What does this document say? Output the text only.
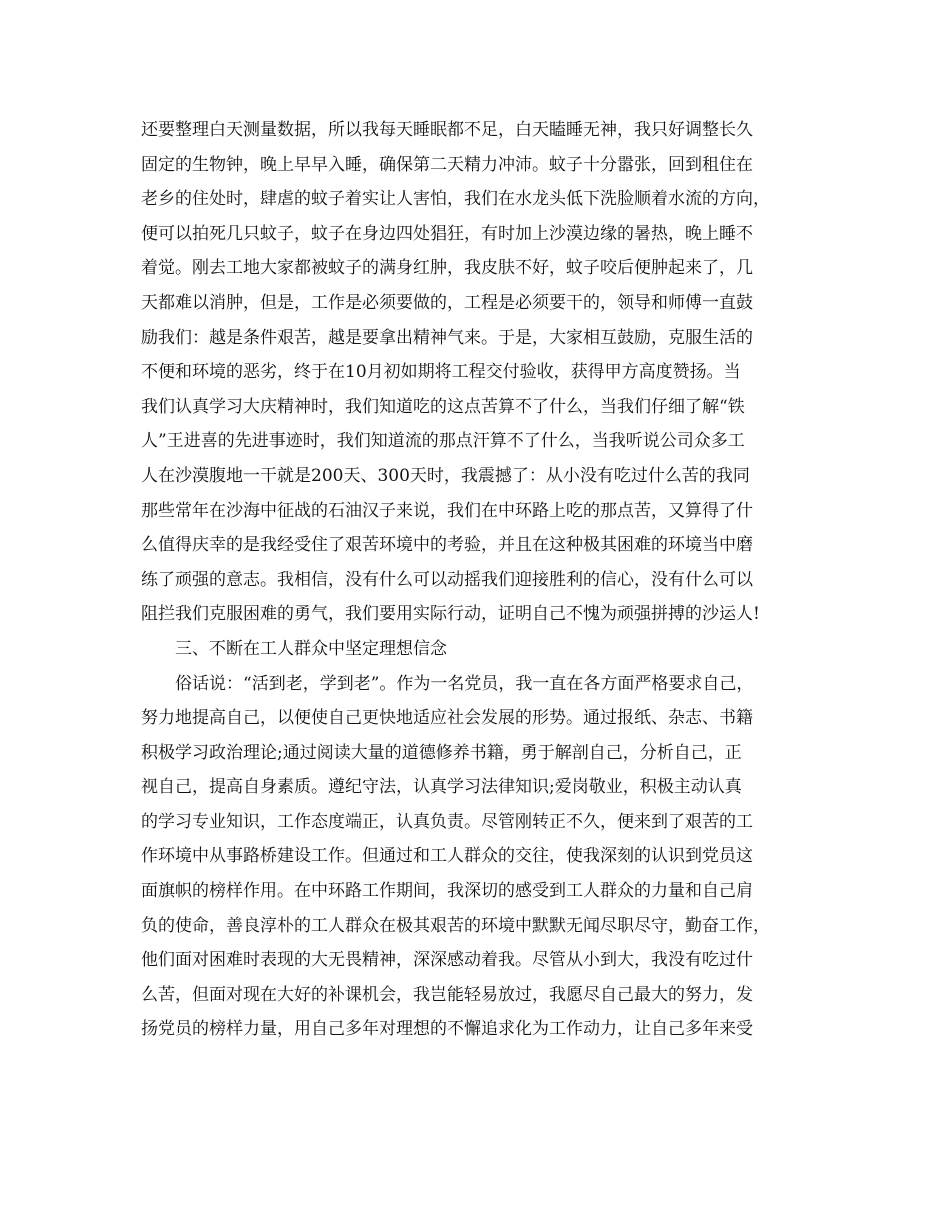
还要整理白天测量数据，所以我每天睡眠都不足，白天瞌睡无神，我只好调整长久
固定的生物钟，晚上早早入睡，确保第二天精力冲沛。蚊子十分嚣张，回到租住在
老乡的住处时，肆虐的蚊子着实让人害怕，我们在水龙头低下洗脸顺着水流的方向，
便可以拍死几只蚊子，蚊子在身边四处猖狂，有时加上沙漠边缘的暑热，晚上睡不
着觉。刚去工地大家都被蚊子的满身红肿，我皮肤不好，蚊子咬后便肿起来了，几
天都难以消肿，但是，工作是必须要做的，工程是必须要干的，领导和师傅一直鼓
励我们：越是条件艰苦，越是要拿出精神气来。于是，大家相互鼓励，克服生活的
不便和环境的恶劣，终于在10月初如期将工程交付验收，获得甲方高度赞扬。当
我们认真学习大庆精神时，我们知道吃的这点苦算不了什么，当我们仔细了解“铁
人”王进喜的先进事迹时，我们知道流的那点汗算不了什么，当我听说公司众多工
人在沙漠腹地一干就是200天、300天时，我震撼了：从小没有吃过什么苦的我同
那些常年在沙海中征战的石油汉子来说，我们在中环路上吃的那点苦，又算得了什
么值得庆幸的是我经受住了艰苦环境中的考验，并且在这种极其困难的环境当中磨
练了顽强的意志。我相信，没有什么可以动摇我们迎接胜利的信心，没有什么可以
阻拦我们克服困难的勇气，我们要用实际行动，证明自己不愧为顽强拼搏的沙运人!
三、不断在工人群众中坚定理想信念
俗话说：“活到老，学到老”。作为一名党员，我一直在各方面严格要求自己，
努力地提高自己，以便使自己更快地适应社会发展的形势。通过报纸、杂志、书籍
积极学习政治理论;通过阅读大量的道德修养书籍，勇于解剖自己，分析自己，正
视自己，提高自身素质。遵纪守法，认真学习法律知识;爱岗敬业，积极主动认真
的学习专业知识，工作态度端正，认真负责。尽管刚转正不久，便来到了艰苦的工
作环境中从事路桥建设工作。但通过和工人群众的交往，使我深刻的认识到党员这
面旗帜的榜样作用。在中环路工作期间，我深切的感受到工人群众的力量和自己肩
负的使命，善良淳朴的工人群众在极其艰苦的环境中默默无闻尽职尽守，勤奋工作，
他们面对困难时表现的大无畏精神，深深感动着我。尽管从小到大，我没有吃过什
么苦，但面对现在大好的补课机会，我岂能轻易放过，我愿尽自己最大的努力，发
扬党员的榜样力量，用自己多年对理想的不懈追求化为工作动力，让自己多年来受
